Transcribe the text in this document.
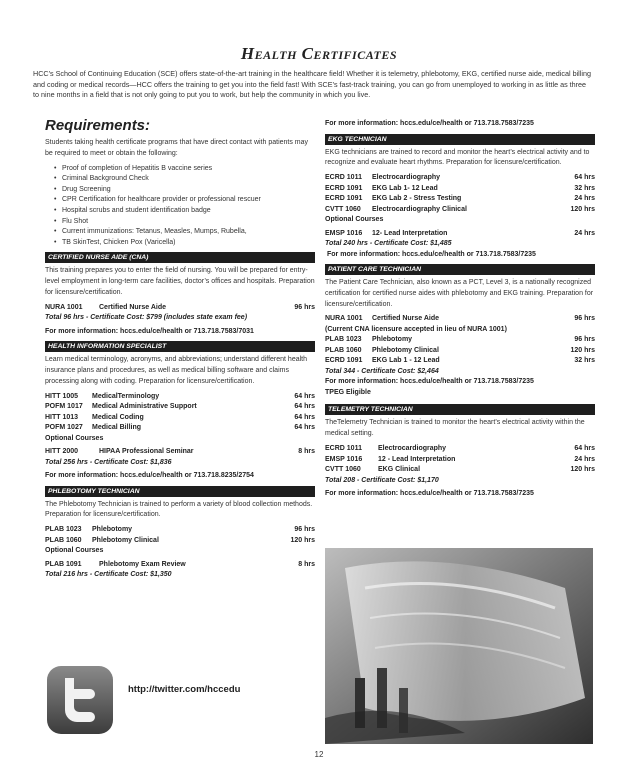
Health Certificates
HCC’s School of Continuing Education (SCE) offers state-of-the-art training in the healthcare field! Whether it is telemetry, phlebotomy, EKG, certified nurse aide, medical billing and coding or medical records—HCC offers the training to get you into the field fast! With SCE’s fast-track training, you can go from unemployed to working in as little as three to nine months in a field that is not only going to put you to work, but help the community in which you live.
Requirements:
Students taking health certificate programs that have direct contact with patients may be required to meet or obtain the following:
• Proof of completion of Hepatitis B vaccine series
• Criminal Background Check
• Drug Screening
• CPR Certification for healthcare provider or professional rescuer
• Hospital scrubs and student identification badge
• Flu Shot
• Current immunizations: Tetanus, Measles, Mumps, Rubella,
• TB SkinTest, Chicken Pox (Varicella)
CERTIFIED NURSE AIDE (CNA)
This training prepares you to enter the field of nursing. You will be prepared for entry-level employment in long-term care facilities, doctor’s offices and hospitals. Preparation for licensure/certification.
NURA 1001	Certified Nurse Aide	96 hrs
Total 96 hrs - Certificate Cost: $799 (includes state exam fee)
For more information: hccs.edu/ce/health or 713.718.7583/7031
HEALTH INFORMATION SPECIALIST
Learn medical terminology, acronyms, and abbreviations; understand different health insurance plans and procedures, as well as medical billing software and claims processing along with coding. Preparation for licensure/certification.
HITT 1005	MedicalTerminology	64 hrs
POFM 1017	Medical Administrative Support	64 hrs
HITT 1013	Medical Coding	64 hrs
POFM 1027	Medical Billing	64 hrs
Optional Courses
HITT 2000	HIPAA Professional Seminar	8 hrs
Total 256 hrs - Certificate Cost: $1,836
For more information: hccs.edu/ce/health or 713.718.8235/2754
PHLEBOTOMY TECHNICIAN
The Phlebotomy Technician is trained to perform a variety of blood collection methods. Preparation for licensure/certification.
PLAB 1023	Phlebotomy	96 hrs
PLAB 1060	Phlebotomy Clinical	120 hrs
Optional Courses
PLAB 1091	Phlebotomy Exam Review	8 hrs
Total 216 hrs - Certificate Cost: $1,350
For more information: hccs.edu/ce/health or 713.718.7583/7235
EKG TECHNICIAN
EKG technicians are trained to record and monitor the heart’s electrical activity and to recognize and evaluate heart rhythms. Preparation for licensure/certification.
ECRD 1011	Electrocardiography	64 hrs
ECRD 1091	EKG Lab 1- 12 Lead	32 hrs
ECRD 1091	EKG Lab 2 - Stress Testing	24 hrs
CVTT 1060	Electrocardiography Clinical	120 hrs
Optional Courses
EMSP 1016	12- Lead Interpretation	24 hrs
Total 240 hrs - Certificate Cost: $1,485
For more information: hccs.edu/ce/health or 713.718.7583/7235
PATIENT CARE TECHNICIAN
The Patient Care Technician, also known as a PCT, Level 3, is a nationally recognized certification for certified nurse aides with phlebotomy and EKG training. Preparation for licensure/certification.
NURA 1001	Certified Nurse Aide	96 hrs
(Current CNA licensure accepted in lieu of NURA 1001)
PLAB 1023	Phlebotomy	96 hrs
PLAB 1060	Phlebotomy Clinical	120 hrs
ECRD 1091	EKG Lab 1 - 12 Lead	32 hrs
Total 344 - Certificate Cost: $2,464
For more information: hccs.edu/ce/health or 713.718.7583/7235
TPEG Eligible
TELEMETRY TECHNICIAN
TheTelemetry Technician is trained to monitor the heart’s electrical activity within the medical setting.
ECRD 1011	Electrocardiography	64 hrs
EMSP 1016	12 - Lead Interpretation	24 hrs
CVTT 1060	EKG Clinical	120 hrs
Total 208 - Certificate Cost: $1,170
For more information: hccs.edu/ce/health or 713.718.7583/7235
http://twitter.com/hccedu
12
